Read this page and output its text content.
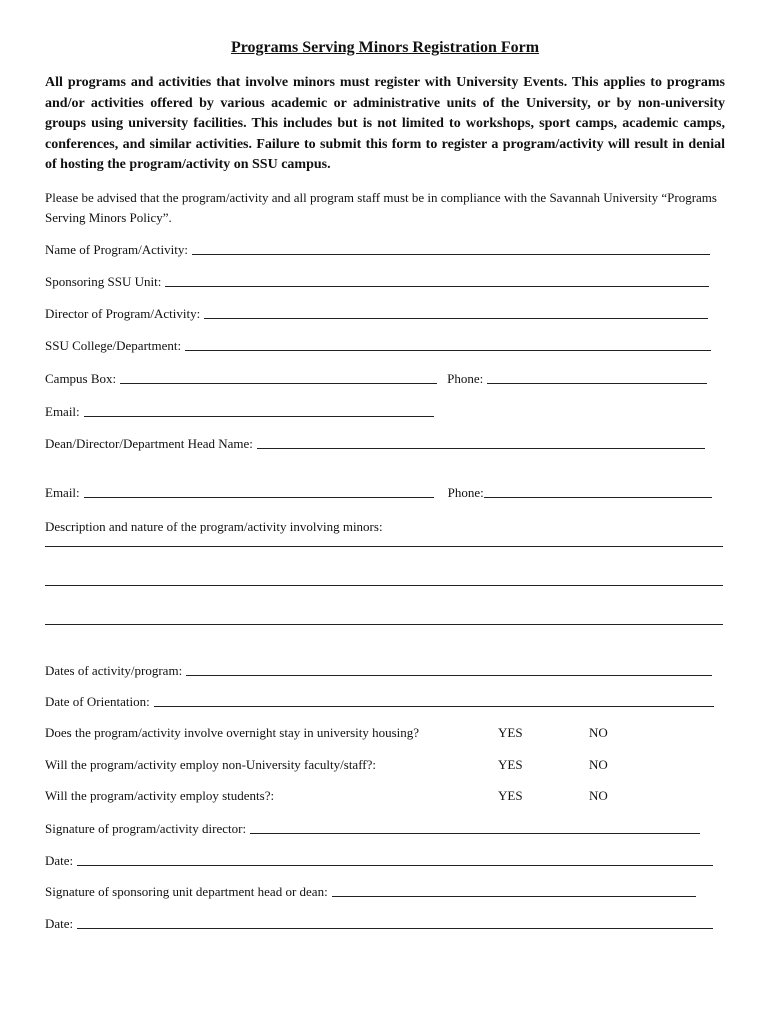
Programs Serving Minors Registration Form
All programs and activities that involve minors must register with University Events. This applies to programs and/or activities offered by various academic or administrative units of the University, or by non-university groups using university facilities. This includes but is not limited to workshops, sport camps, academic camps, conferences, and similar activities. Failure to submit this form to register a program/activity will result in denial of hosting the program/activity on SSU campus.
Please be advised that the program/activity and all program staff must be in compliance with the Savannah University “Programs Serving Minors Policy”.
Name of Program/Activity:
Sponsoring SSU Unit:
Director of Program/Activity:
SSU College/Department:
Campus Box:	Phone:
Email:
Dean/Director/Department Head Name:
Email:	Phone:
Description and nature of the program/activity involving minors:
Dates of activity/program:
Date of Orientation:
Does the program/activity involve overnight stay in university housing?	YES	NO
Will the program/activity employ non-University faculty/staff?:	YES	NO
Will the program/activity employ students?:	YES	NO
Signature of program/activity director:
Date:
Signature of sponsoring unit department head or dean:
Date:
